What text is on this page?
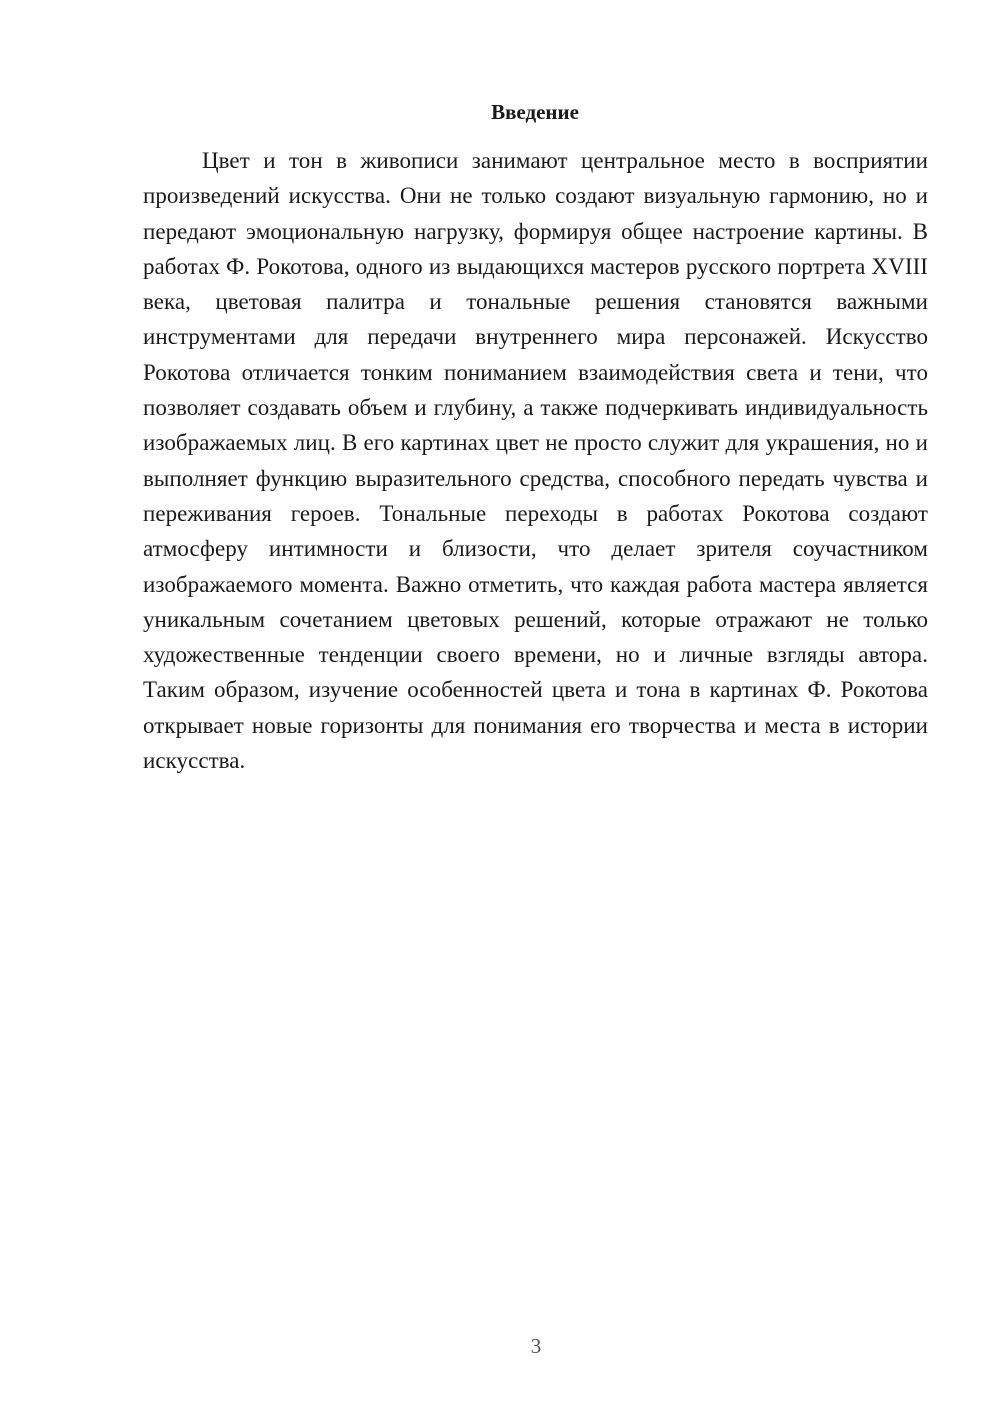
Введение

Цвет и тон в живописи занимают центральное место в восприятии произведений искусства. Они не только создают визуальную гармонию, но и передают эмоциональную нагрузку, формируя общее настроение картины. В работах Ф. Рокотова, одного из выдающихся мастеров русского портрета XVIII века, цветовая палитра и тональные решения становятся важными инструментами для передачи внутреннего мира персонажей. Искусство Рокотова отличается тонким пониманием взаимодействия света и тени, что позволяет создавать объем и глубину, а также подчеркивать индивидуальность изображаемых лиц. В его картинах цвет не просто служит для украшения, но и выполняет функцию выразительного средства, способного передать чувства и переживания героев. Тональные переходы в работах Рокотова создают атмосферу интимности и близости, что делает зрителя соучастником изображаемого момента. Важно отметить, что каждая работа мастера является уникальным сочетанием цветовых решений, которые отражают не только художественные тенденции своего времени, но и личные взгляды автора. Таким образом, изучение особенностей цвета и тона в картинах Ф. Рокотова открывает новые горизонты для понимания его творчества и места в истории искусства.

3
